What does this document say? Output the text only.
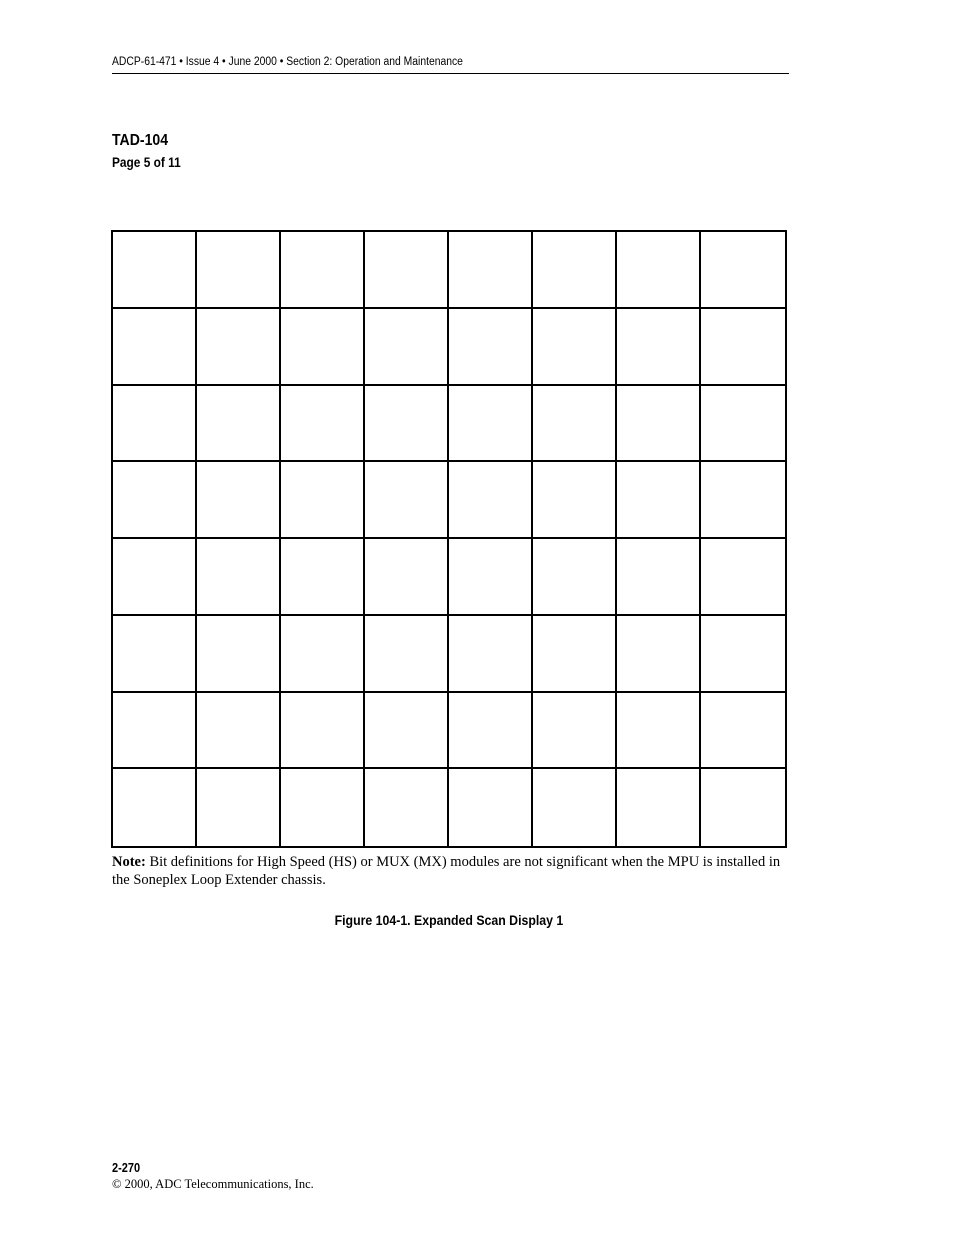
ADCP-61-471 • Issue 4 • June 2000 • Section 2: Operation and Maintenance
TAD-104
Page 5 of 11
Note: Bit definitions for High Speed (HS) or MUX (MX) modules are not significant when the MPU is installed in the Soneplex Loop Extender chassis.
Figure 104-1. Expanded Scan Display 1
2-270
© 2000, ADC Telecommunications, Inc.
